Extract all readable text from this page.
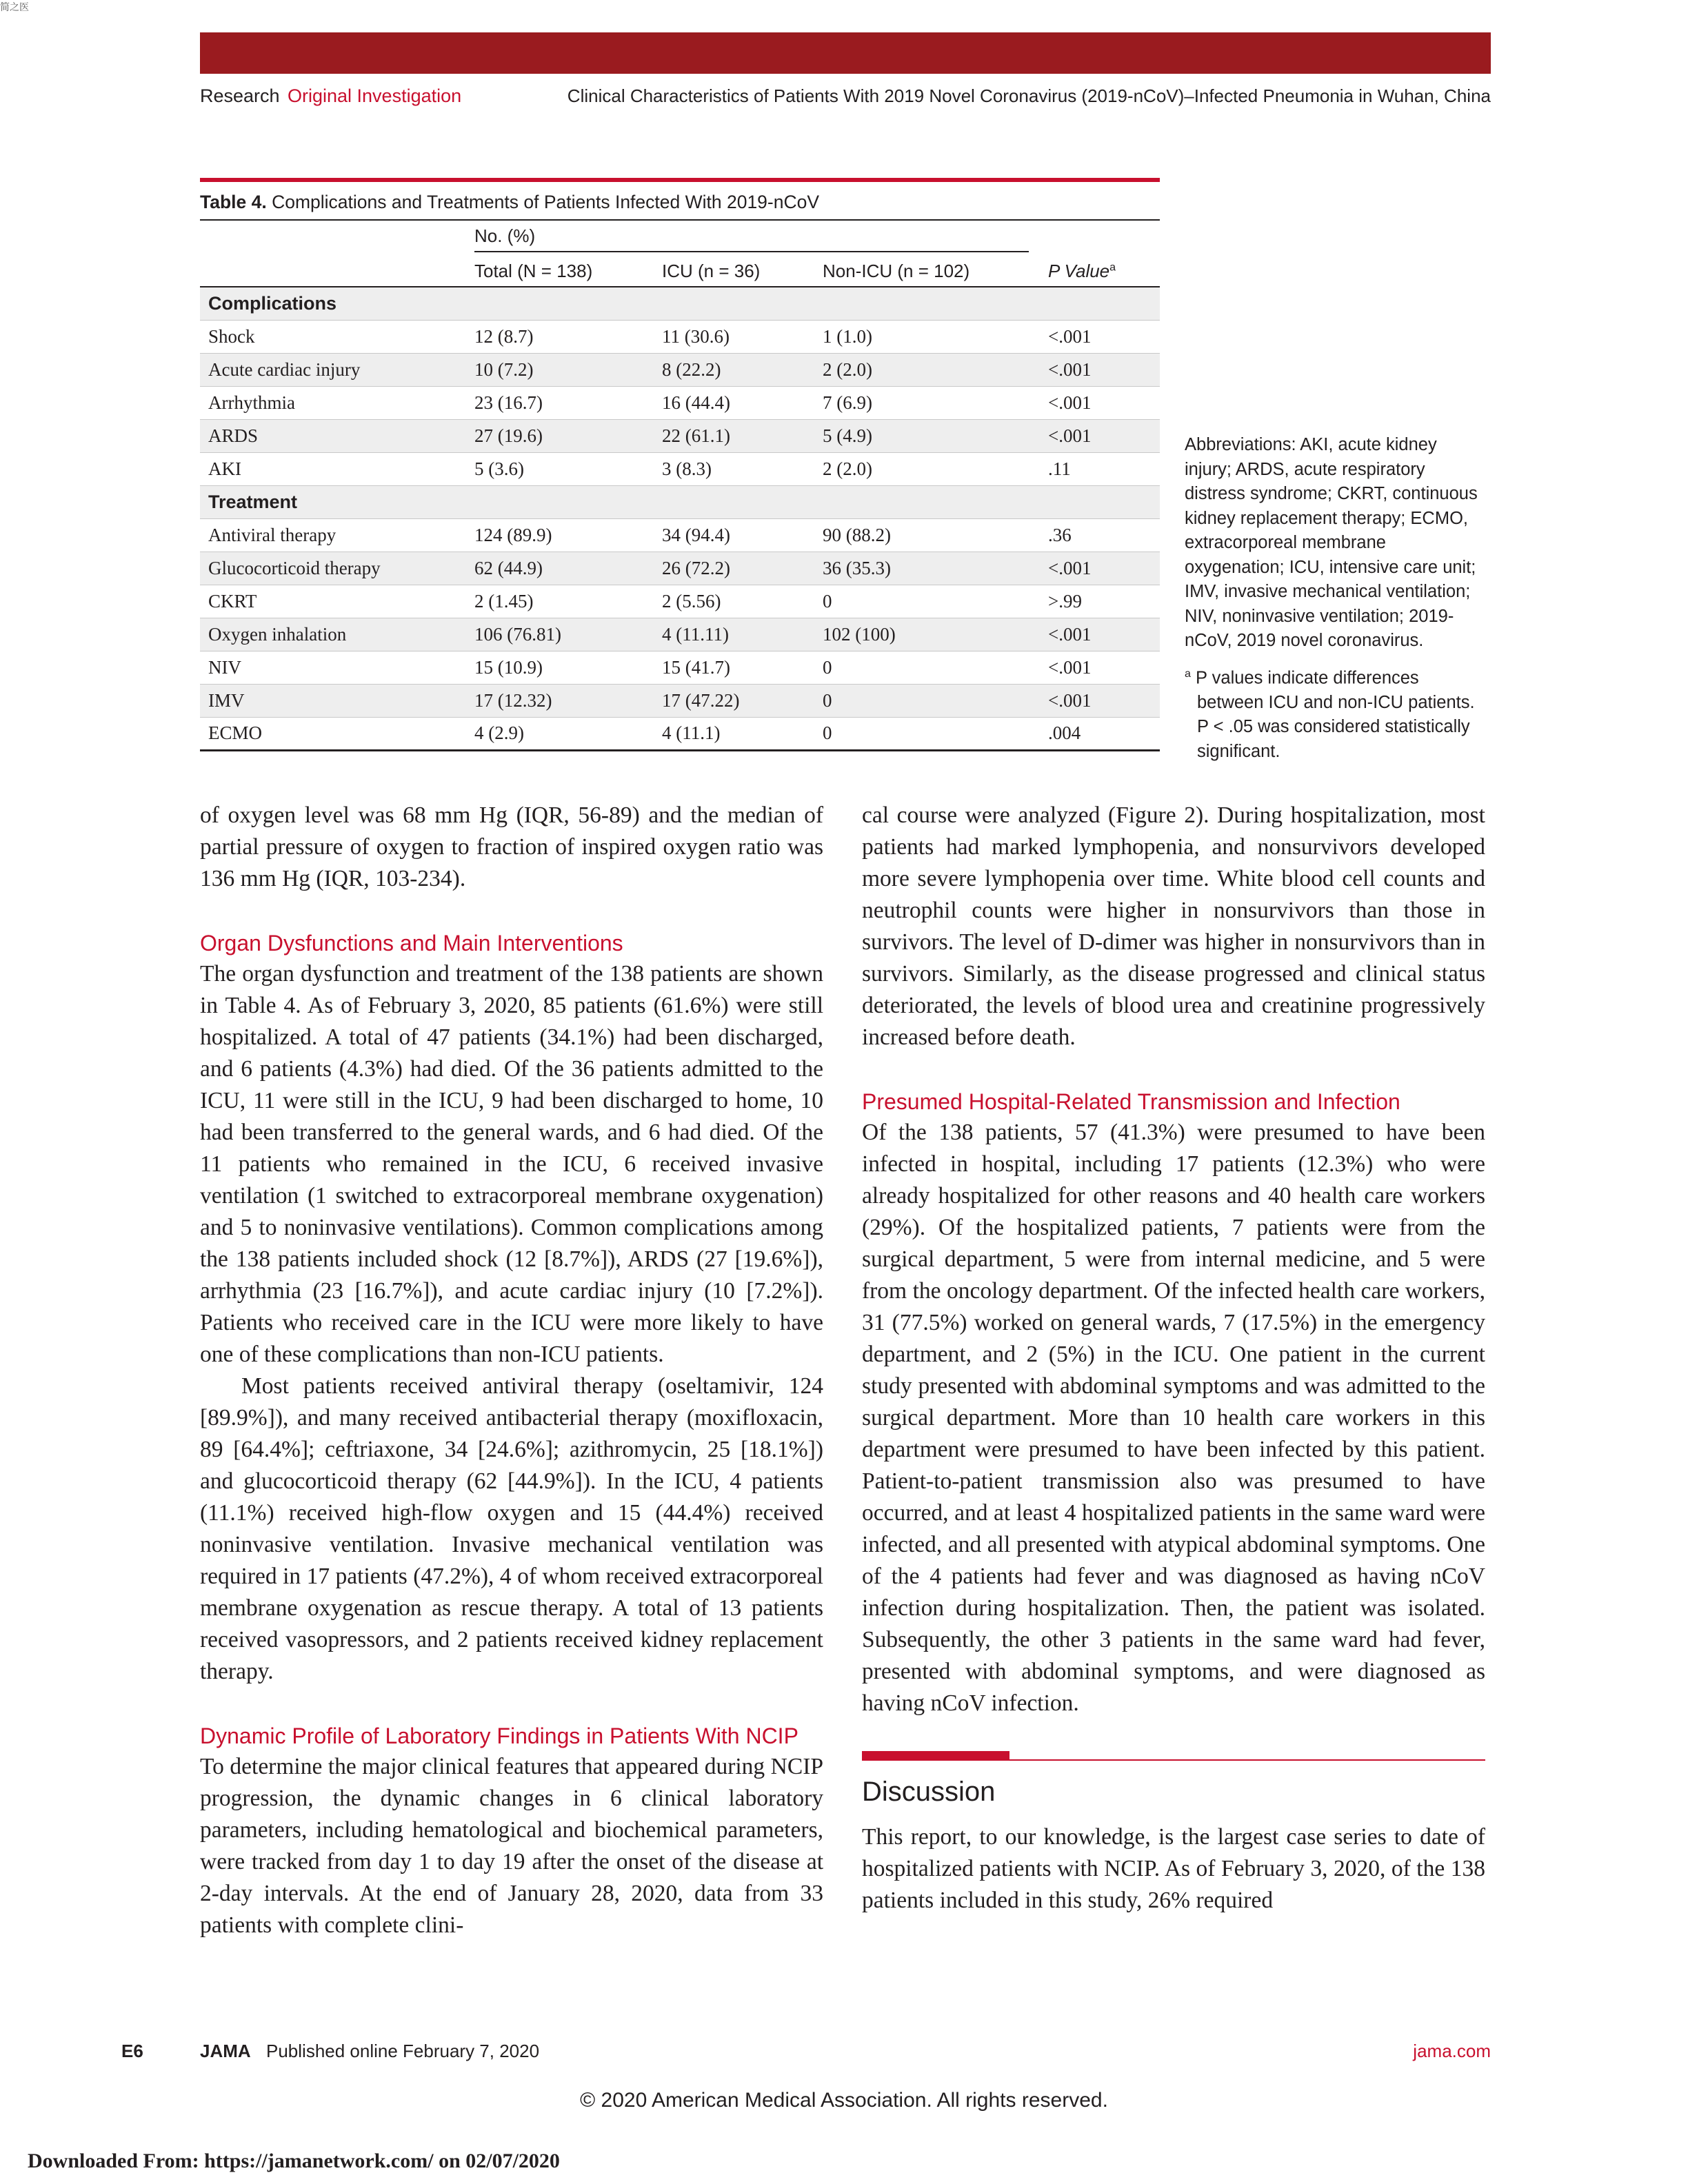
简之医
Research Original Investigation	Clinical Characteristics of Patients With 2019 Novel Coronavirus (2019-nCoV)–Infected Pneumonia in Wuhan, China
Table 4. Complications and Treatments of Patients Infected With 2019-nCoV
	No. (%)			
	Total (N = 138)	ICU (n = 36)	Non-ICU (n = 102)	P Value$^a$
Complications				
Shock	12 (8.7)	11 (30.6)	1 (1.0)	<.001
Acute cardiac injury	10 (7.2)	8 (22.2)	2 (2.0)	<.001
Arrhythmia	23 (16.7)	16 (44.4)	7 (6.9)	<.001
ARDS	27 (19.6)	22 (61.1)	5 (4.9)	<.001
AKI	5 (3.6)	3 (8.3)	2 (2.0)	.11
Treatment				
Antiviral therapy	124 (89.9)	34 (94.4)	90 (88.2)	.36
Glucocorticoid therapy	62 (44.9)	26 (72.2)	36 (35.3)	<.001
CKRT	2 (1.45)	2 (5.56)	0	>.99
Oxygen inhalation	106 (76.81)	4 (11.11)	102 (100)	<.001
NIV	15 (10.9)	15 (41.7)	0	<.001
IMV	17 (12.32)	17 (47.22)	0	<.001
ECMO	4 (2.9)	4 (11.1)	0	.004
Abbreviations: AKI, acute kidney injury; ARDS, acute respiratory distress syndrome; CKRT, continuous kidney replacement therapy; ECMO, extracorporeal membrane oxygenation; ICU, intensive care unit; IMV, invasive mechanical ventilation; NIV, noninvasive ventilation; 2019-nCoV, 2019 novel coronavirus.
$^a$ P values indicate differences between ICU and non-ICU patients. P < .05 was considered statistically significant.

of oxygen level was 68 mm Hg (IQR, 56-89) and the median of partial pressure of oxygen to fraction of inspired oxygen ratio was 136 mm Hg (IQR, 103-234).

Organ Dysfunctions and Main Interventions

The organ dysfunction and treatment of the 138 patients are shown in Table 4. As of February 3, 2020, 85 patients (61.6%) were still hospitalized. A total of 47 patients (34.1%) had been discharged, and 6 patients (4.3%) had died. Of the 36 patients admitted to the ICU, 11 were still in the ICU, 9 had been discharged to home, 10 had been transferred to the general wards, and 6 had died. Of the 11 patients who remained in the ICU, 6 received invasive ventilation (1 switched to extracorporeal membrane oxygenation) and 5 to noninvasive ventilations). Common complications among the 138 patients included shock (12 [8.7%]), ARDS (27 [19.6%]), arrhythmia (23 [16.7%]), and acute cardiac injury (10 [7.2%]). Patients who received care in the ICU were more likely to have one of these complications than non-ICU patients.

Most patients received antiviral therapy (oseltamivir, 124 [89.9%]), and many received antibacterial therapy (moxifloxacin, 89 [64.4%]; ceftriaxone, 34 [24.6%]; azithromycin, 25 [18.1%]) and glucocorticoid therapy (62 [44.9%]). In the ICU, 4 patients (11.1%) received high-flow oxygen and 15 (44.4%) received noninvasive ventilation. Invasive mechanical ventilation was required in 17 patients (47.2%), 4 of whom received extracorporeal membrane oxygenation as rescue therapy. A total of 13 patients received vasopressors, and 2 patients received kidney replacement therapy.

Dynamic Profile of Laboratory Findings in Patients With NCIP

To determine the major clinical features that appeared during NCIP progression, the dynamic changes in 6 clinical laboratory parameters, including hematological and biochemical parameters, were tracked from day 1 to day 19 after the onset of the disease at 2-day intervals. At the end of January 28, 2020, data from 33 patients with complete clini-

cal course were analyzed (Figure 2). During hospitalization, most patients had marked lymphopenia, and nonsurvivors developed more severe lymphopenia over time. White blood cell counts and neutrophil counts were higher in nonsurvivors than those in survivors. The level of D-dimer was higher in nonsurvivors than in survivors. Similarly, as the disease progressed and clinical status deteriorated, the levels of blood urea and creatinine progressively increased before death.

Presumed Hospital-Related Transmission and Infection

Of the 138 patients, 57 (41.3%) were presumed to have been infected in hospital, including 17 patients (12.3%) who were already hospitalized for other reasons and 40 health care workers (29%). Of the hospitalized patients, 7 patients were from the surgical department, 5 were from internal medicine, and 5 were from the oncology department. Of the infected health care workers, 31 (77.5%) worked on general wards, 7 (17.5%) in the emergency department, and 2 (5%) in the ICU. One patient in the current study presented with abdominal symptoms and was admitted to the surgical department. More than 10 health care workers in this department were presumed to have been infected by this patient. Patient-to-patient transmission also was presumed to have occurred, and at least 4 hospitalized patients in the same ward were infected, and all presented with atypical abdominal symptoms. One of the 4 patients had fever and was diagnosed as having nCoV infection during hospitalization. Then, the patient was isolated. Subsequently, the other 3 patients in the same ward had fever, presented with abdominal symptoms, and were diagnosed as having nCoV infection.

Discussion

This report, to our knowledge, is the largest case series to date of hospitalized patients with NCIP. As of February 3, 2020, of the 138 patients included in this study, 26% required

E6	JAMA Published online February 7, 2020	jama.com
© 2020 American Medical Association. All rights reserved.
Downloaded From: https://jamanetwork.com/ on 02/07/2020
